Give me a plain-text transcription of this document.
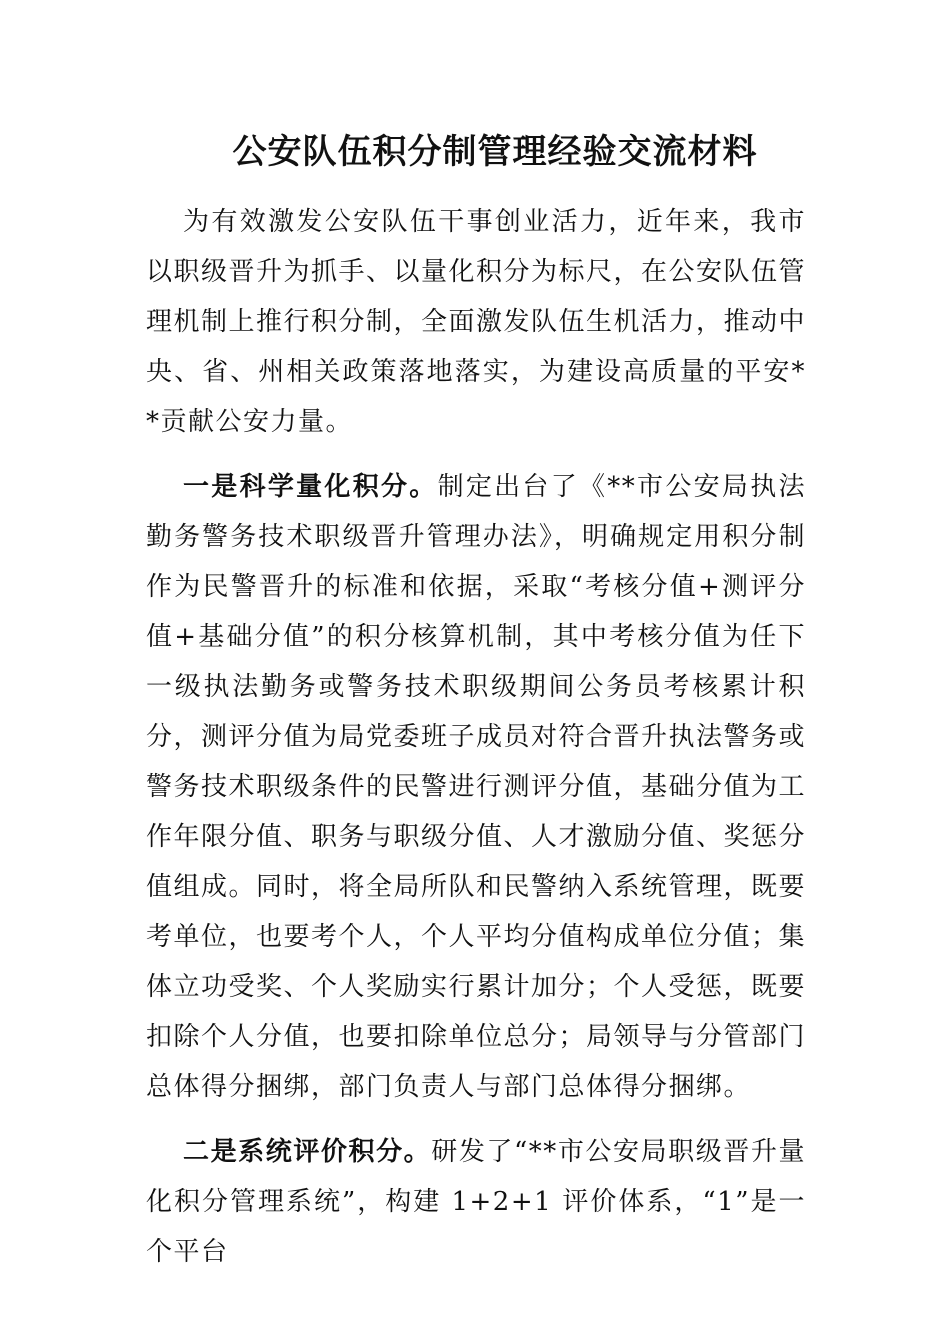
公安队伍积分制管理经验交流材料

为有效激发公安队伍干事创业活力，近年来，我市以职级晋升为抓手、以量化积分为标尺，在公安队伍管理机制上推行积分制，全面激发队伍生机活力，推动中央、省、州相关政策落地落实，为建设高质量的平安**贡献公安力量。

一是科学量化积分。制定出台了《**市公安局执法勤务警务技术职级晋升管理办法》，明确规定用积分制作为民警晋升的标准和依据，采取“考核分值+测评分值+基础分值”的积分核算机制，其中考核分值为任下一级执法勤务或警务技术职级期间公务员考核累计积分，测评分值为局党委班子成员对符合晋升执法警务或警务技术职级条件的民警进行测评分值，基础分值为工作年限分值、职务与职级分值、人才激励分值、奖惩分值组成。同时，将全局所队和民警纳入系统管理，既要考单位，也要考个人，个人平均分值构成单位分值；集体立功受奖、个人奖励实行累计加分；个人受惩，既要扣除个人分值，也要扣除单位总分；局领导与分管部门总体得分捆绑，部门负责人与部门总体得分捆绑。

二是系统评价积分。研发了“**市公安局职级晋升量化积分管理系统”，构建 1+2+1 评价体系，“1”是一个平台
